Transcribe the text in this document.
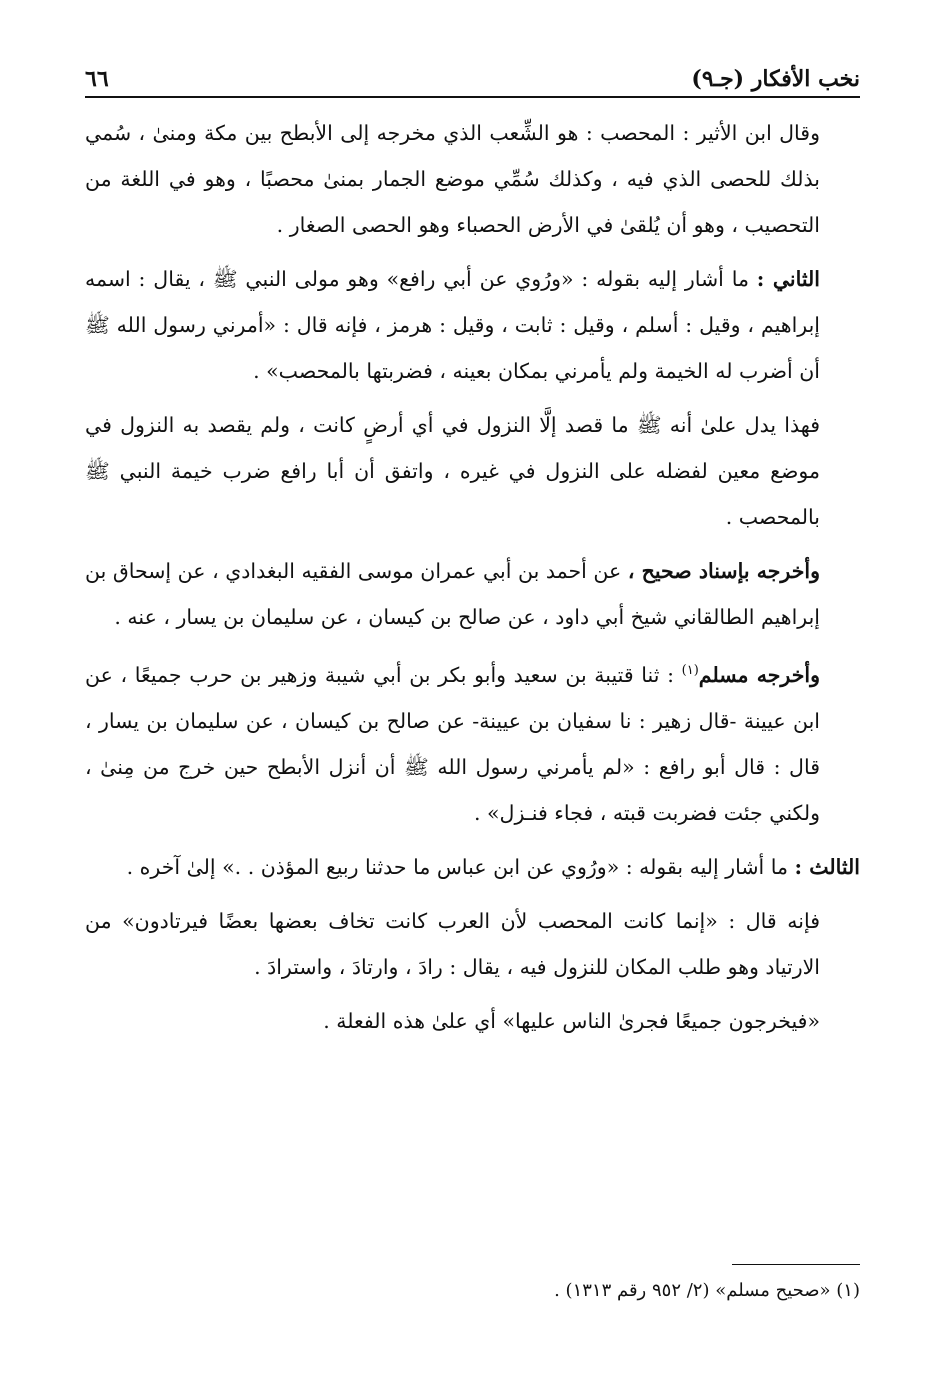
نخب الأفكار (جـ٩)
٦٦

وقال ابن الأثير : المحصب : هو الشِّعب الذي مخرجه إلى الأبطح بين مكة ومنىٰ ، سُمي بذلك للحصى الذي فيه ، وكذلك سُمِّي موضع الجمار بمنىٰ محصبًا ، وهو في اللغة من التحصيب ، وهو أن يُلقىٰ في الأرض الحصباء وهو الحصى الصغار .

الثاني : ما أشار إليه بقوله : «ورُوي عن أبي رافع» وهو مولى النبي ﷺ ، يقال : اسمه إبراهيم ، وقيل : أسلم ، وقيل : ثابت ، وقيل : هرمز ، فإنه قال : «أمرني رسول الله ﷺ أن أضرب له الخيمة ولم يأمرني بمكان بعينه ، فضربتها بالمحصب» .

فهذا يدل علىٰ أنه ﷺ ما قصد إلَّا النزول في أي أرضٍ كانت ، ولم يقصد به النزول في موضع معين لفضله على النزول في غيره ، واتفق أن أبا رافع ضرب خيمة النبي ﷺ بالمحصب .

وأخرجه بإسناد صحيح ، عن أحمد بن أبي عمران موسى الفقيه البغدادي ، عن إسحاق بن إبراهيم الطالقاني شيخ أبي داود ، عن صالح بن كيسان ، عن سليمان بن يسار ، عنه .

وأخرجه مسلم$^{(١)}$ : ثنا قتيبة بن سعيد وأبو بكر بن أبي شيبة وزهير بن حرب جميعًا ، عن ابن عيينة -قال زهير : نا سفيان بن عيينة- عن صالح بن كيسان ، عن سليمان بن يسار ، قال : قال أبو رافع : «لم يأمرني رسول الله ﷺ أن أنزل الأبطح حين خرج من مِنىٰ ، ولكني جئت فضربت قبته ، فجاء فنـزل» .

الثالث : ما أشار إليه بقوله : «ورُوي عن ابن عباس ما حدثنا ربيع المؤذن . .» إلىٰ آخره .

فإنه قال : «إنما كانت المحصب لأن العرب كانت تخاف بعضها بعضًا فيرتادون» من الارتياد وهو طلب المكان للنزول فيه ، يقال : رادَ ، وارتادَ ، واسترادَ .

«فيخرجون جميعًا فجرىٰ الناس عليها» أي علىٰ هذه الفعلة .

(١) «صحيح مسلم» (٢/ ٩٥٢ رقم ١٣١٣) .
